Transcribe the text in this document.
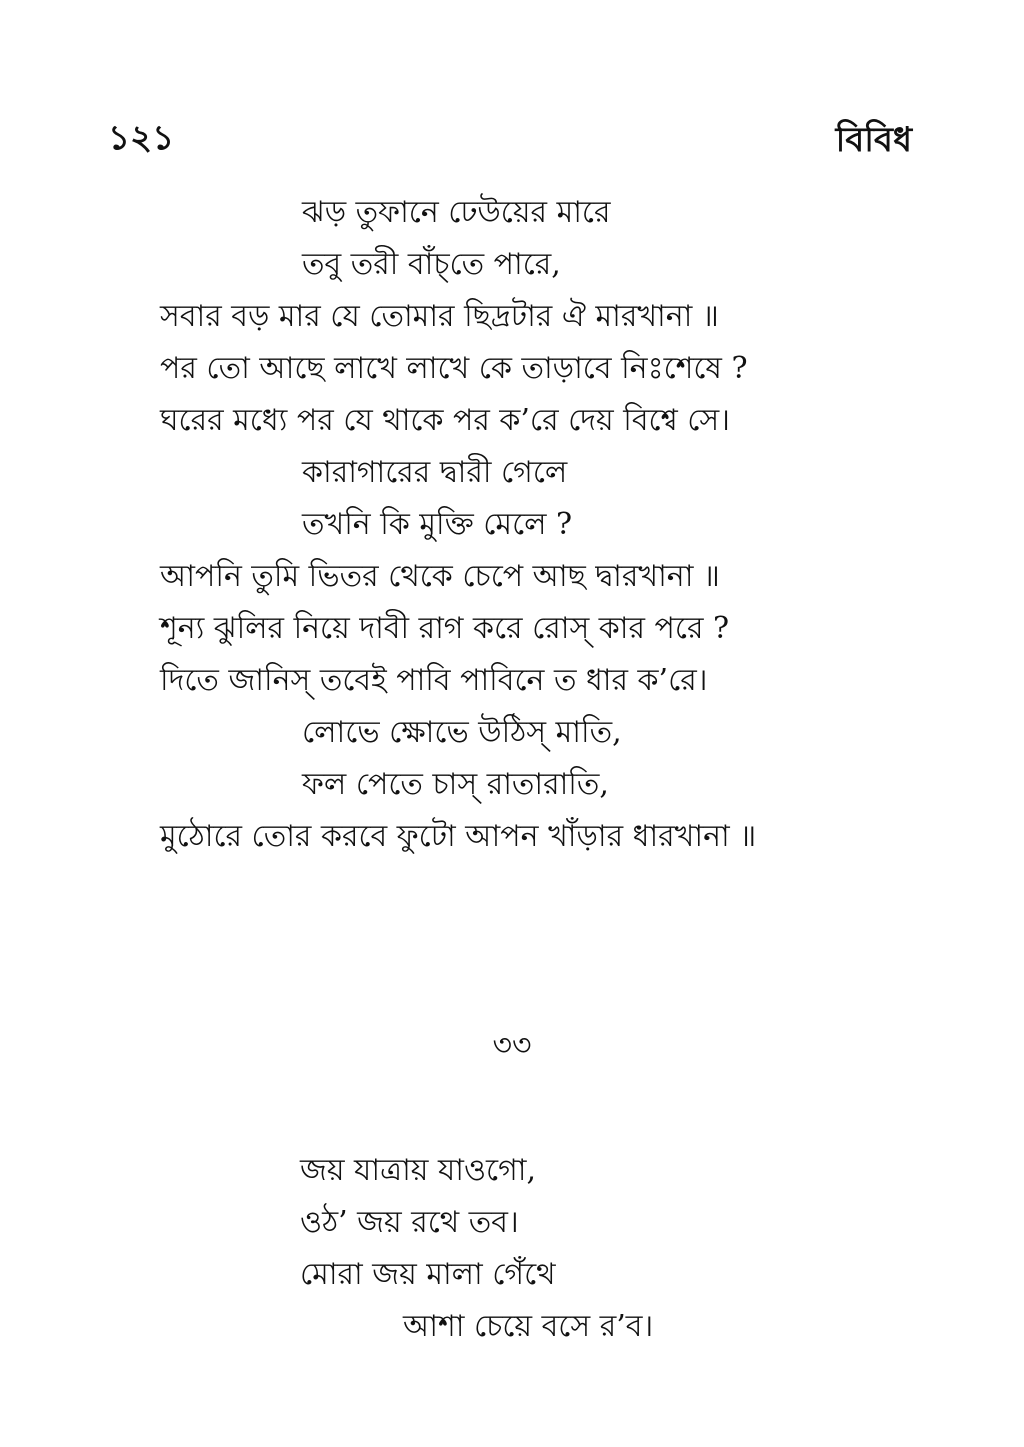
১২১	বিবিধ
ঝড় তুফানে ঢেউয়ের মারে
তবু তরী বাঁচ্‌তে পারে,
সবার বড় মার যে তোমার ছিদ্রটার ঐ মারখানা ॥
পর তো আছে লাখে লাখে কে তাড়াবে নিঃশেষে ?
ঘরের মধ্যে পর যে থাকে পর ক’রে দেয় বিশ্বে সে।
কারাগারের দ্বারী গেলে
তখনি কি মুক্তি মেলে ?
আপনি তুমি ভিতর থেকে চেপে আছ দ্বারখানা ॥
শূন্য ঝুলির নিয়ে দাবী রাগ করে রোস্‌ কার পরে ?
দিতে জানিস্‌ তবেই পাবি পাবিনে ত ধার ক’রে।
লোভে ক্ষোভে উঠিস্‌ মাতি,
ফল পেতে চাস্‌ রাতারাতি,
মুঠোরে তোর করবে ফুটো আপন খাঁড়ার ধারখানা ॥
৩৩
জয় যাত্রায় যাওগো,
ওঠ’ জয় রথে তব।
মোরা জয় মালা গেঁথে
আশা চেয়ে বসে র’ব।
